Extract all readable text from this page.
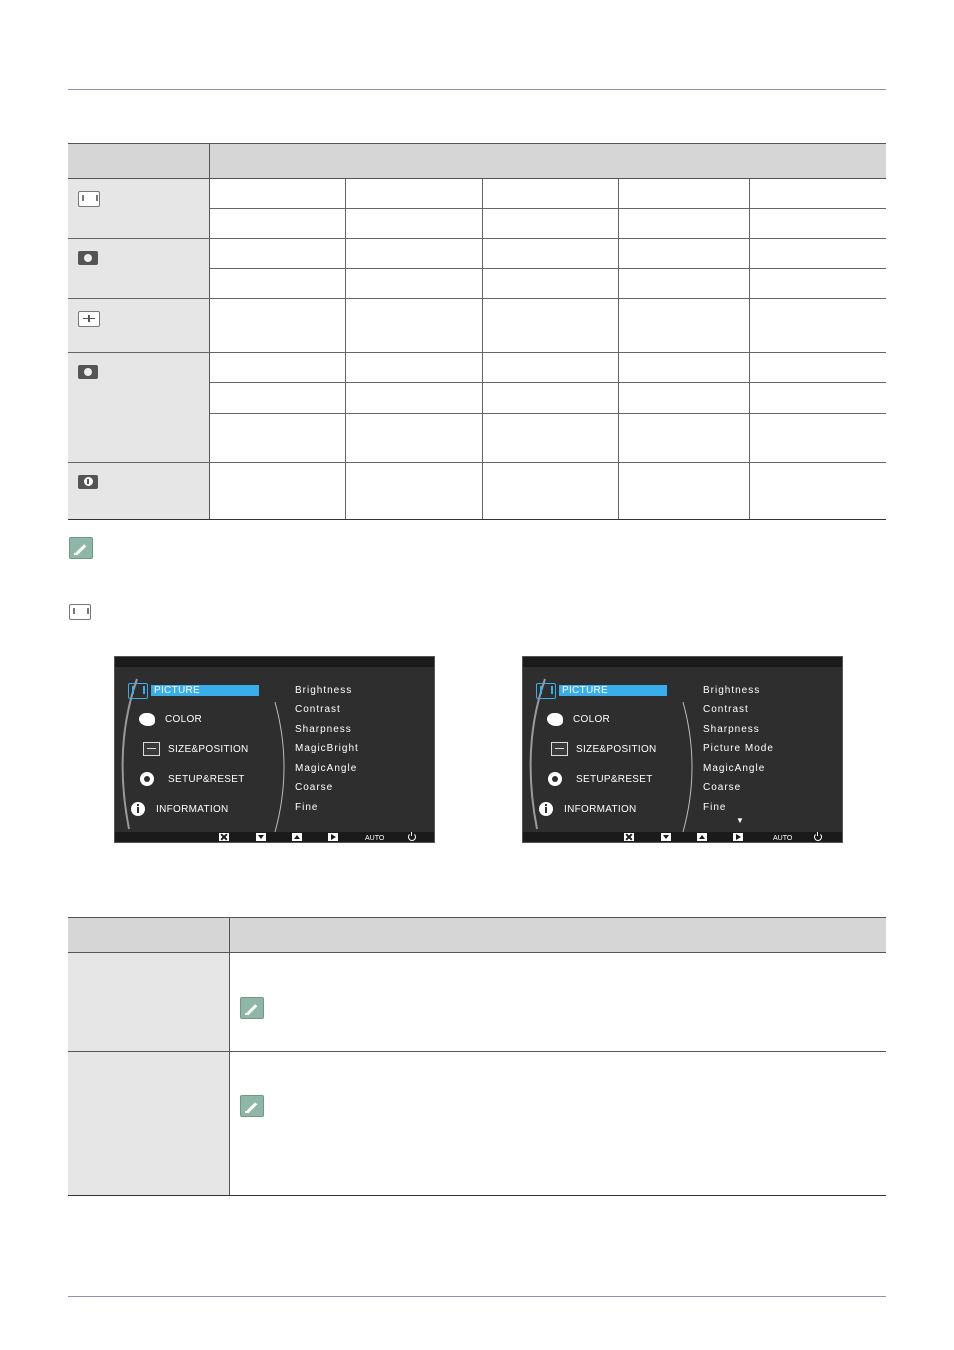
PICTURE
COLOR
SIZE&POSITION
SETUP&RESET
INFORMATION
Brightness
Contrast
Sharpness
MagicBright
MagicAngle
Coarse
Fine
AUTO
PICTURE
COLOR
SIZE&POSITION
SETUP&RESET
INFORMATION
Brightness
Contrast
Sharpness
Picture Mode
MagicAngle
Coarse
Fine
▼
AUTO
